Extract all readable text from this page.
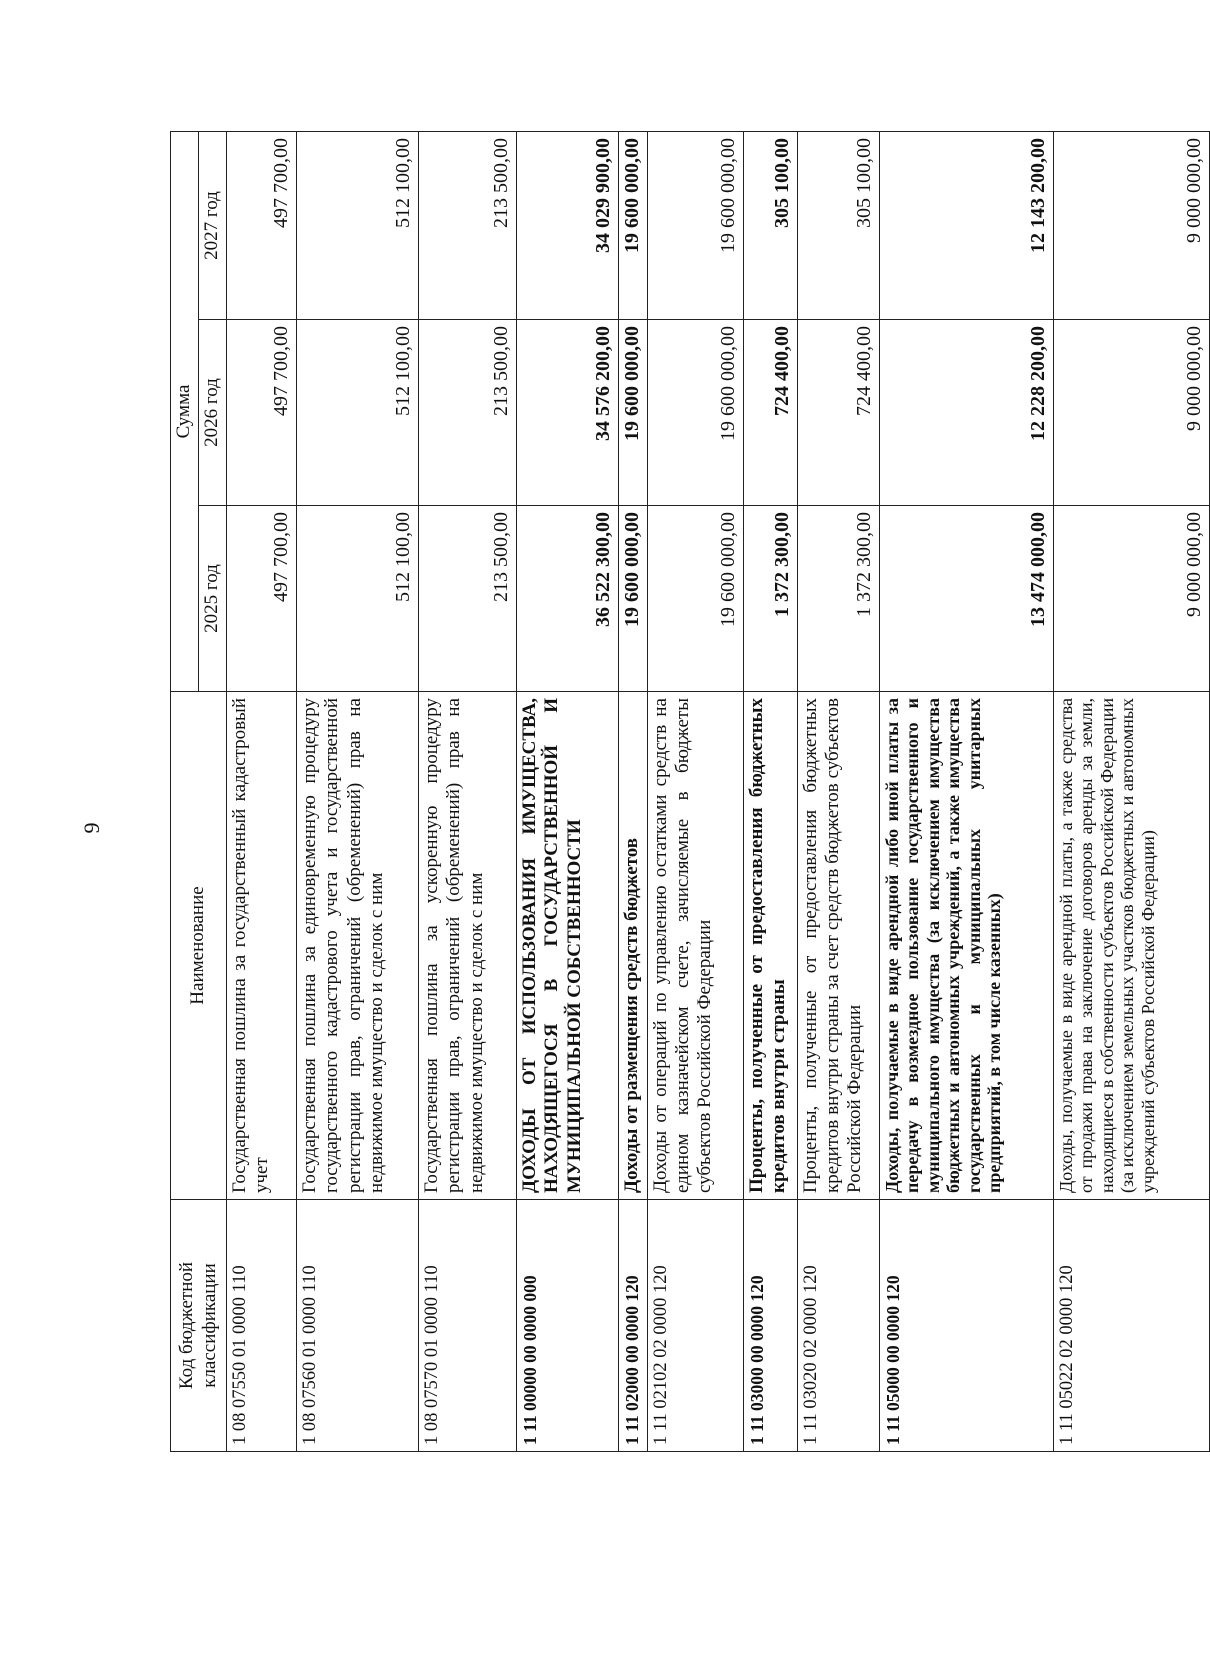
9
Код бюджетной классификации	Наименование	Сумма		
		2025 год	2026 год	2027 год
1 08 07550 01 0000 110	Государственная пошлина за государственный кадастровый учет	497 700,00	497 700,00	497 700,00
1 08 07560 01 0000 110	Государственная пошлина за единовременную процедуру государственного кадастрового учета и государственной регистрации прав, ограничений (обременений) прав на недвижимое имущество и сделок с ним	512 100,00	512 100,00	512 100,00
1 08 07570 01 0000 110	Государственная пошлина за ускоренную процедуру регистрации прав, ограничений (обременений) прав на недвижимое имущество и сделок с ним	213 500,00	213 500,00	213 500,00
1 11 00000 00 0000 000	ДОХОДЫ ОТ ИСПОЛЬЗОВАНИЯ ИМУЩЕСТВА, НАХОДЯЩЕГОСЯ В ГОСУДАРСТВЕННОЙ И МУНИЦИПАЛЬНОЙ СОБСТВЕННОСТИ	36 522 300,00	34 576 200,00	34 029 900,00
1 11 02000 00 0000 120	Доходы от размещения средств бюджетов	19 600 000,00	19 600 000,00	19 600 000,00
1 11 02102 02 0000 120	Доходы от операций по управлению остатками средств на едином казначейском счете, зачисляемые в бюджеты субъектов Российской Федерации	19 600 000,00	19 600 000,00	19 600 000,00
1 11 03000 00 0000 120	Проценты, полученные от предоставления бюджетных кредитов внутри страны	1 372 300,00	724 400,00	305 100,00
1 11 03020 02 0000 120	Проценты, полученные от предоставления бюджетных кредитов внутри страны за счет средств бюджетов субъектов Российской Федерации	1 372 300,00	724 400,00	305 100,00
1 11 05000 00 0000 120	Доходы, получаемые в виде арендной либо иной платы за передачу в возмездное пользование государственного и муниципального имущества (за исключением имущества бюджетных и автономных учреждений, а также имущества государственных и муниципальных унитарных предприятий, в том числе казенных)	13 474 000,00	12 228 200,00	12 143 200,00
1 11 05022 02 0000 120	Доходы, получаемые в виде арендной платы, а также средства от продажи права на заключение договоров аренды за земли, находящиеся в собственности субъектов Российской Федерации (за исключением земельных участков бюджетных и автономных учреждений субъектов Российской Федерации)	9 000 000,00	9 000 000,00	9 000 000,00
